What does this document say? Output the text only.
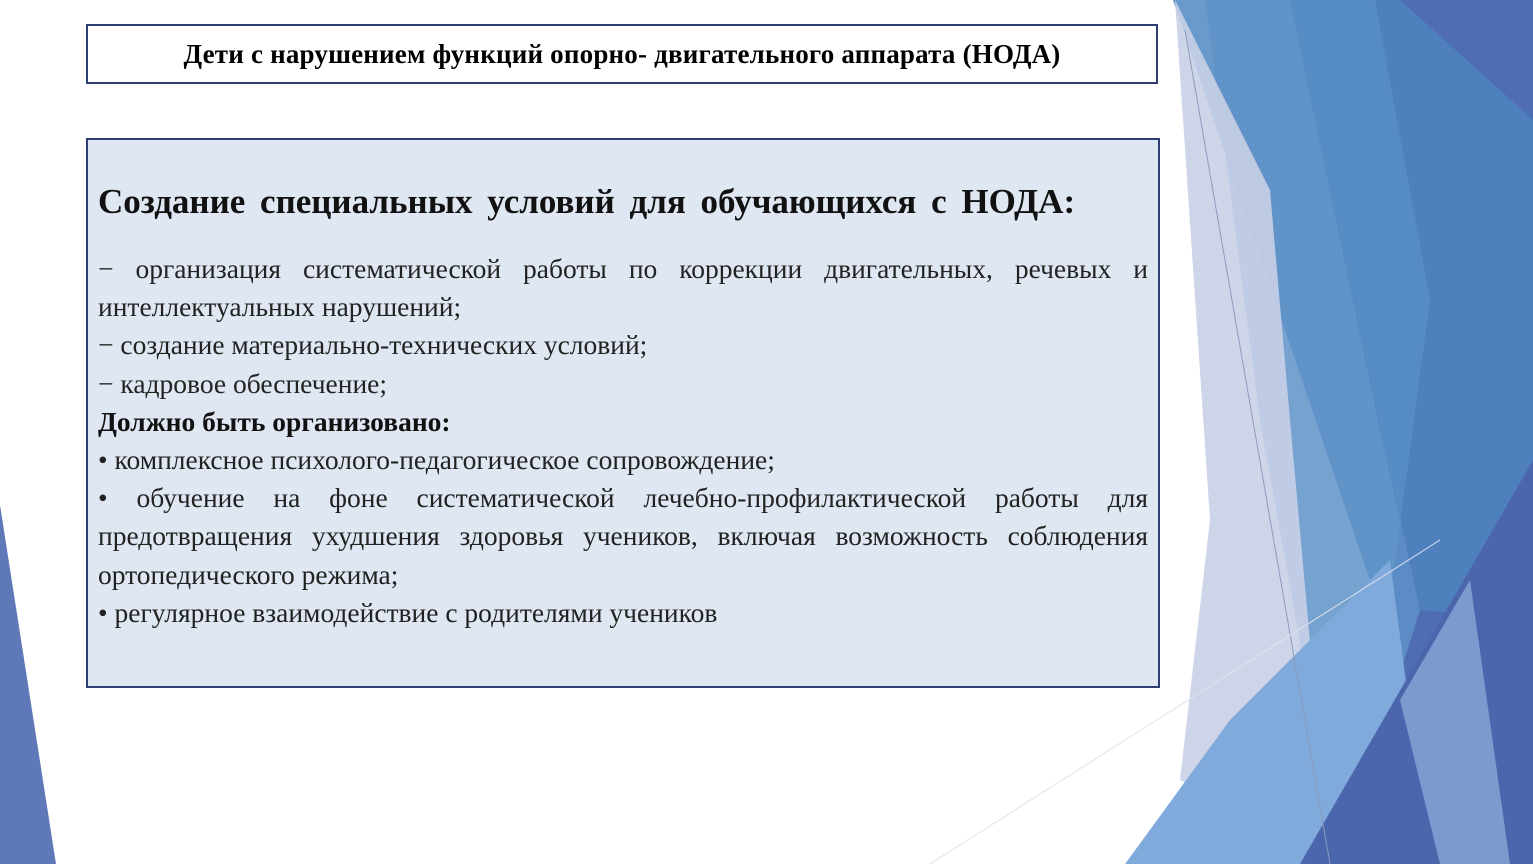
Дети с нарушением функций опорно- двигательного аппарата (НОДА)
Создание специальных условий для обучающихся с НОДА:
− организация систематической работы по коррекции двигательных, речевых и интеллектуальных нарушений;
− создание материально-технических условий;
− кадровое обеспечение;
Должно быть организовано:
• комплексное психолого-педагогическое сопровождение;
• обучение на фоне систематической лечебно-профилактической работы для предотвращения ухудшения здоровья учеников, включая возможность соблюдения ортопедического режима;
• регулярное взаимодействие с родителями учеников
